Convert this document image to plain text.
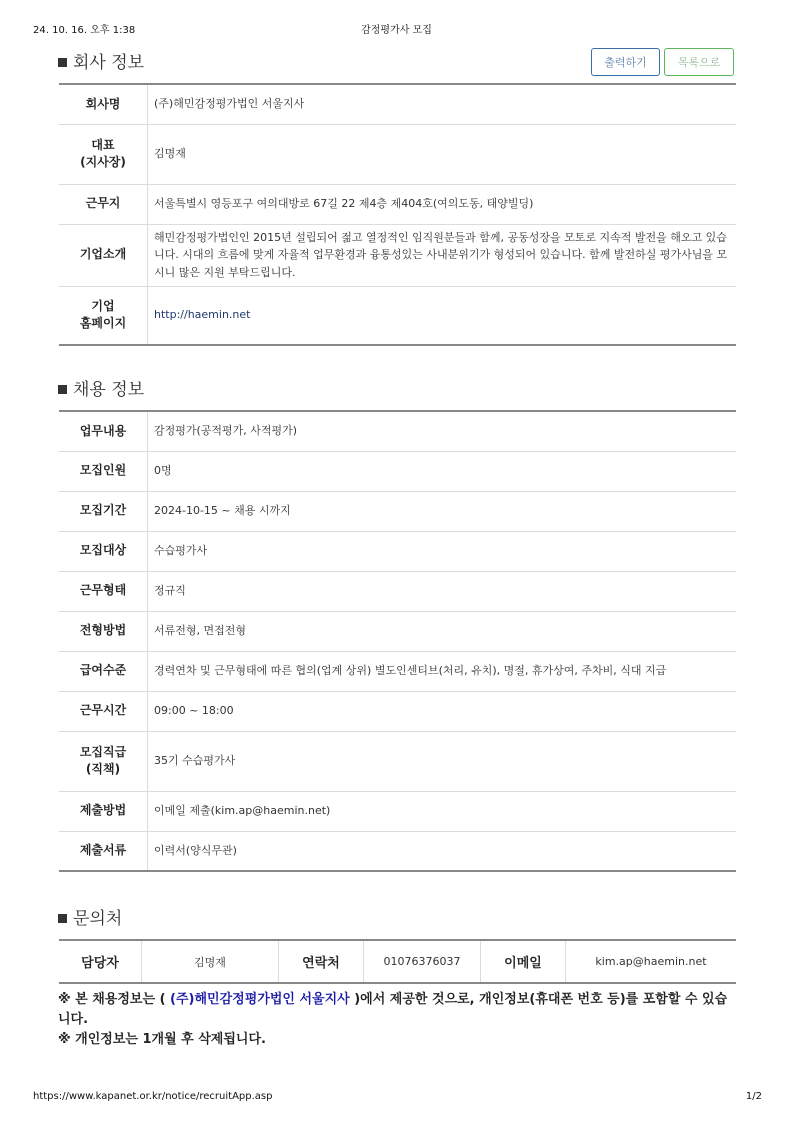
24. 10. 16. 오후 1:38	감정평가사 모집
회사 정보	출력하기	목록으로
회사명	(주)해민감정평가법인 서울지사
대표
(지사장)	김명재
근무지	서울특별시 영등포구 여의대방로 67길 22 제4층 제404호(여의도동, 태양빌딩)
기업소개	해민감정평가법인인 2015년 설립되어 젊고 열정적인 임직원분들과 함께, 공동성장을 모토로 지속적 발전을 해오고 있습니다. 시대의 흐름에 맞게 자율적 업무환경과 융통성있는 사내분위기가 형성되어 있습니다. 함께 발전하실 평가사님을 모시니 많은 지원 부탁드립니다.
기업
홈페이지	http://haemin.net
채용 정보
업무내용	감정평가(공적평가, 사적평가)
모집인원	0명
모집기간	2024-10-15 ~ 채용 시까지
모집대상	수습평가사
근무형태	정규직
전형방법	서류전형, 면접전형
급여수준	경력연차 및 근무형태에 따른 협의(업계 상위) 별도인센티브(처리, 유치), 명절, 휴가상여, 주차비, 식대 지급
근무시간	09:00 ~ 18:00
모집직급
(직책)	35기 수습평가사
제출방법	이메일 제출(kim.ap@haemin.net)
제출서류	이력서(양식무관)
문의처
담당자	김명재	연락처	01076376037	이메일	kim.ap@haemin.net
※ 본 채용정보는 ( (주)해민감정평가법인 서울지사 )에서 제공한 것으로, 개인정보(휴대폰 번호 등)를 포함할 수 있습니다.
※ 개인정보는 1개월 후 삭제됩니다.
https://www.kapanet.or.kr/notice/recruitApp.asp	1/2
